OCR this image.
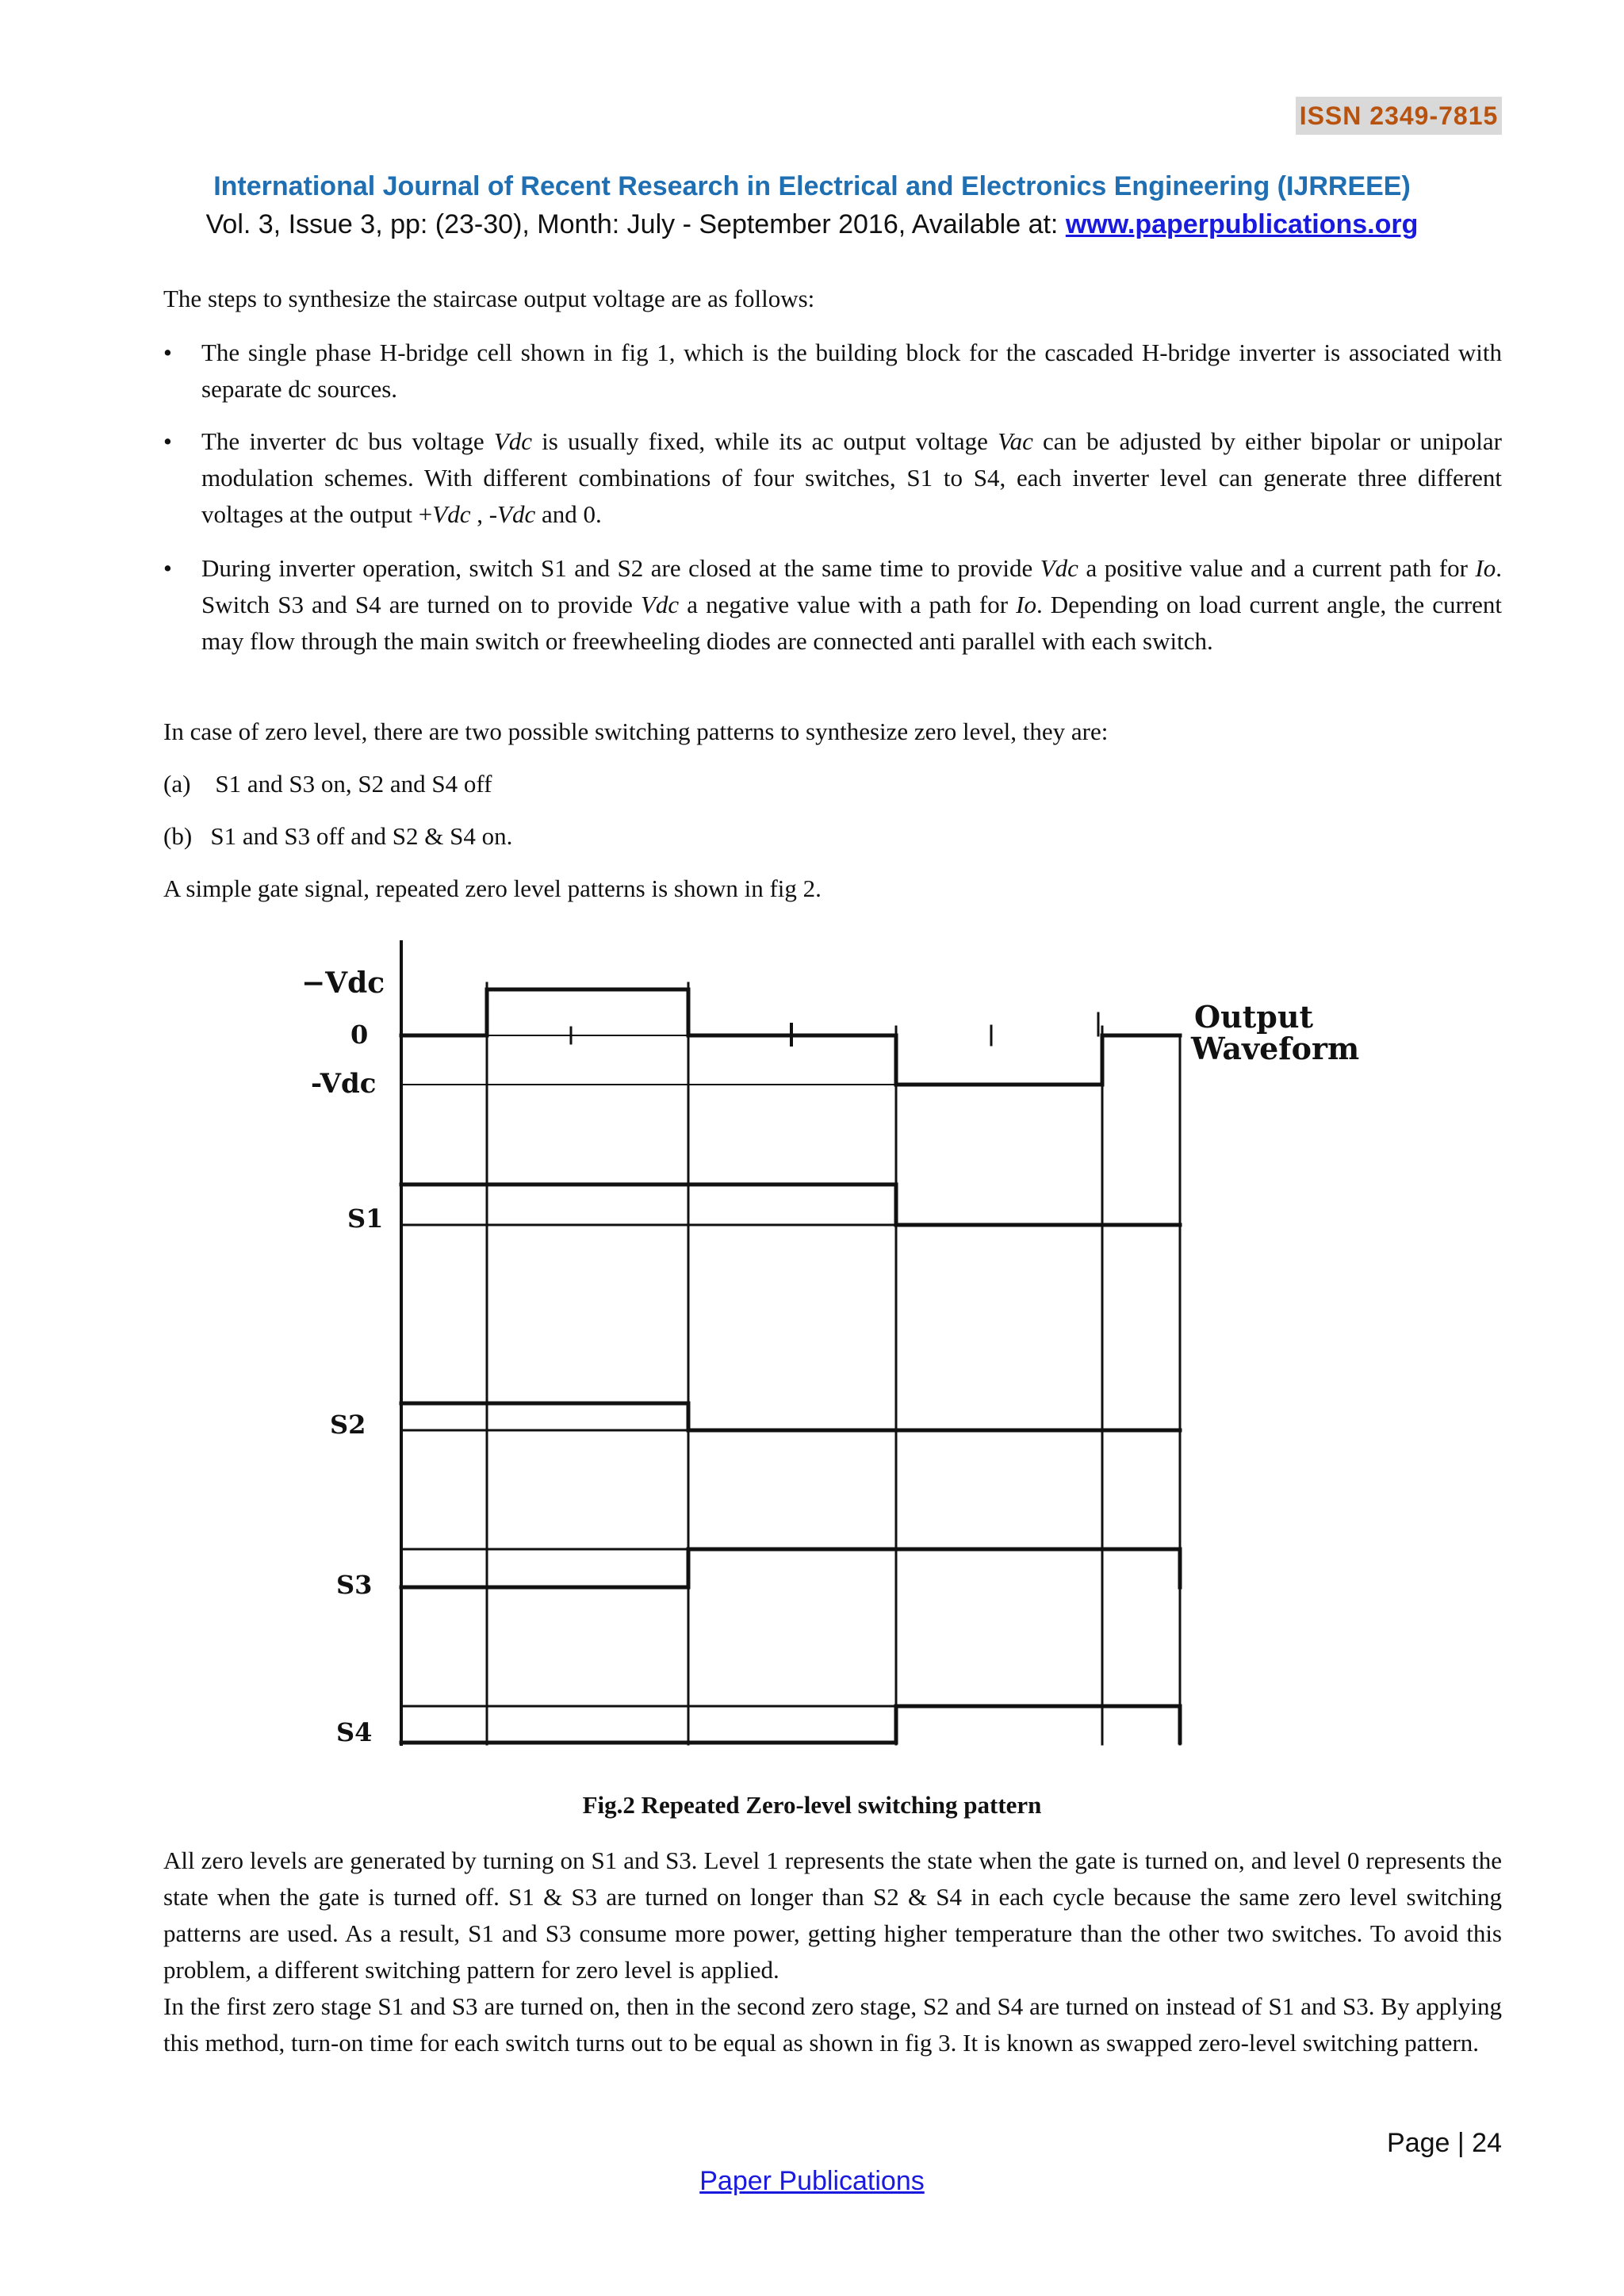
ISSN 2349-7815
International Journal of Recent Research in Electrical and Electronics Engineering (IJRREEE)
Vol. 3, Issue 3, pp: (23-30), Month: July - September 2016, Available at: www.paperpublications.org
The steps to synthesize the staircase output voltage are as follows:
•	The single phase H-bridge cell shown in fig 1, which is the building block for the cascaded H-bridge inverter is associated with separate dc sources.
•	The inverter dc bus voltage Vdc is usually fixed, while its ac output voltage Vac can be adjusted by either bipolar or unipolar modulation schemes. With different combinations of four switches, S1 to S4, each inverter level can generate three different voltages at the output +Vdc , -Vdc and 0.
•	During inverter operation, switch S1 and S2 are closed at the same time to provide Vdc a positive value and a current path for Io. Switch S3 and S4 are turned on to provide Vdc a negative value with a path for Io. Depending on load current angle, the current may flow through the main switch or freewheeling diodes are connected anti parallel with each switch.
In case of zero level, there are two possible switching patterns to synthesize zero level, they are:
(a) S1 and S3 on, S2 and S4 off
(b) S1 and S3 off and S2 & S4 on.
A simple gate signal, repeated zero level patterns is shown in fig 2.
−Vdc
0
-Vdc
S1
S2
S3
S4
Output
Waveform
Fig.2 Repeated Zero-level switching pattern
All zero levels are generated by turning on S1 and S3. Level 1 represents the state when the gate is turned on, and level 0 represents the state when the gate is turned off. S1 & S3 are turned on longer than S2 & S4 in each cycle because the same zero level switching patterns are used. As a result, S1 and S3 consume more power, getting higher temperature than the other two switches. To avoid this problem, a different switching pattern for zero level is applied.
In the first zero stage S1 and S3 are turned on, then in the second zero stage, S2 and S4 are turned on instead of S1 and S3. By applying this method, turn-on time for each switch turns out to be equal as shown in fig 3. It is known as swapped zero-level switching pattern.
Page | 24
Paper Publications
